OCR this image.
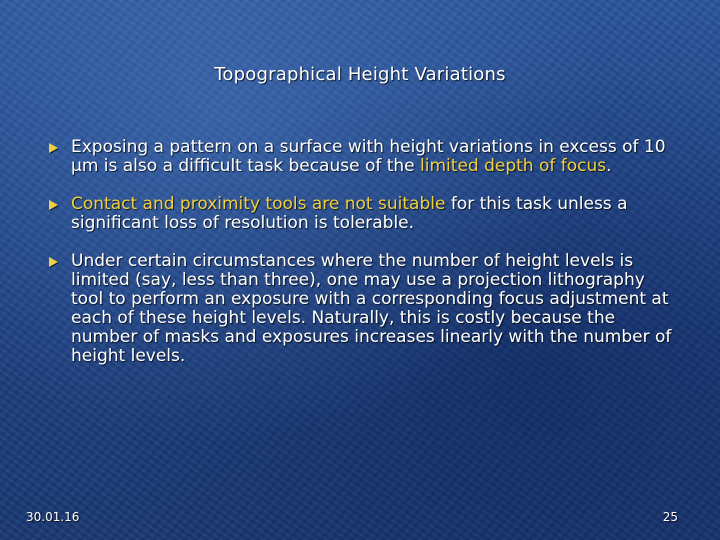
Topographical Height Variations
Exposing a pattern on a surface with height variations in excess of 10 µm is also a difficult task because of the limited depth of focus.
Contact and proximity tools are not suitable for this task unless a significant loss of resolution is tolerable.
Under certain circumstances where the number of height levels is limited (say, less than three), one may use a projection lithography tool to perform an exposure with a corresponding focus adjustment at each of these height levels. Naturally, this is costly because the number of masks and exposures increases linearly with the number of height levels.
30.01.16	25
